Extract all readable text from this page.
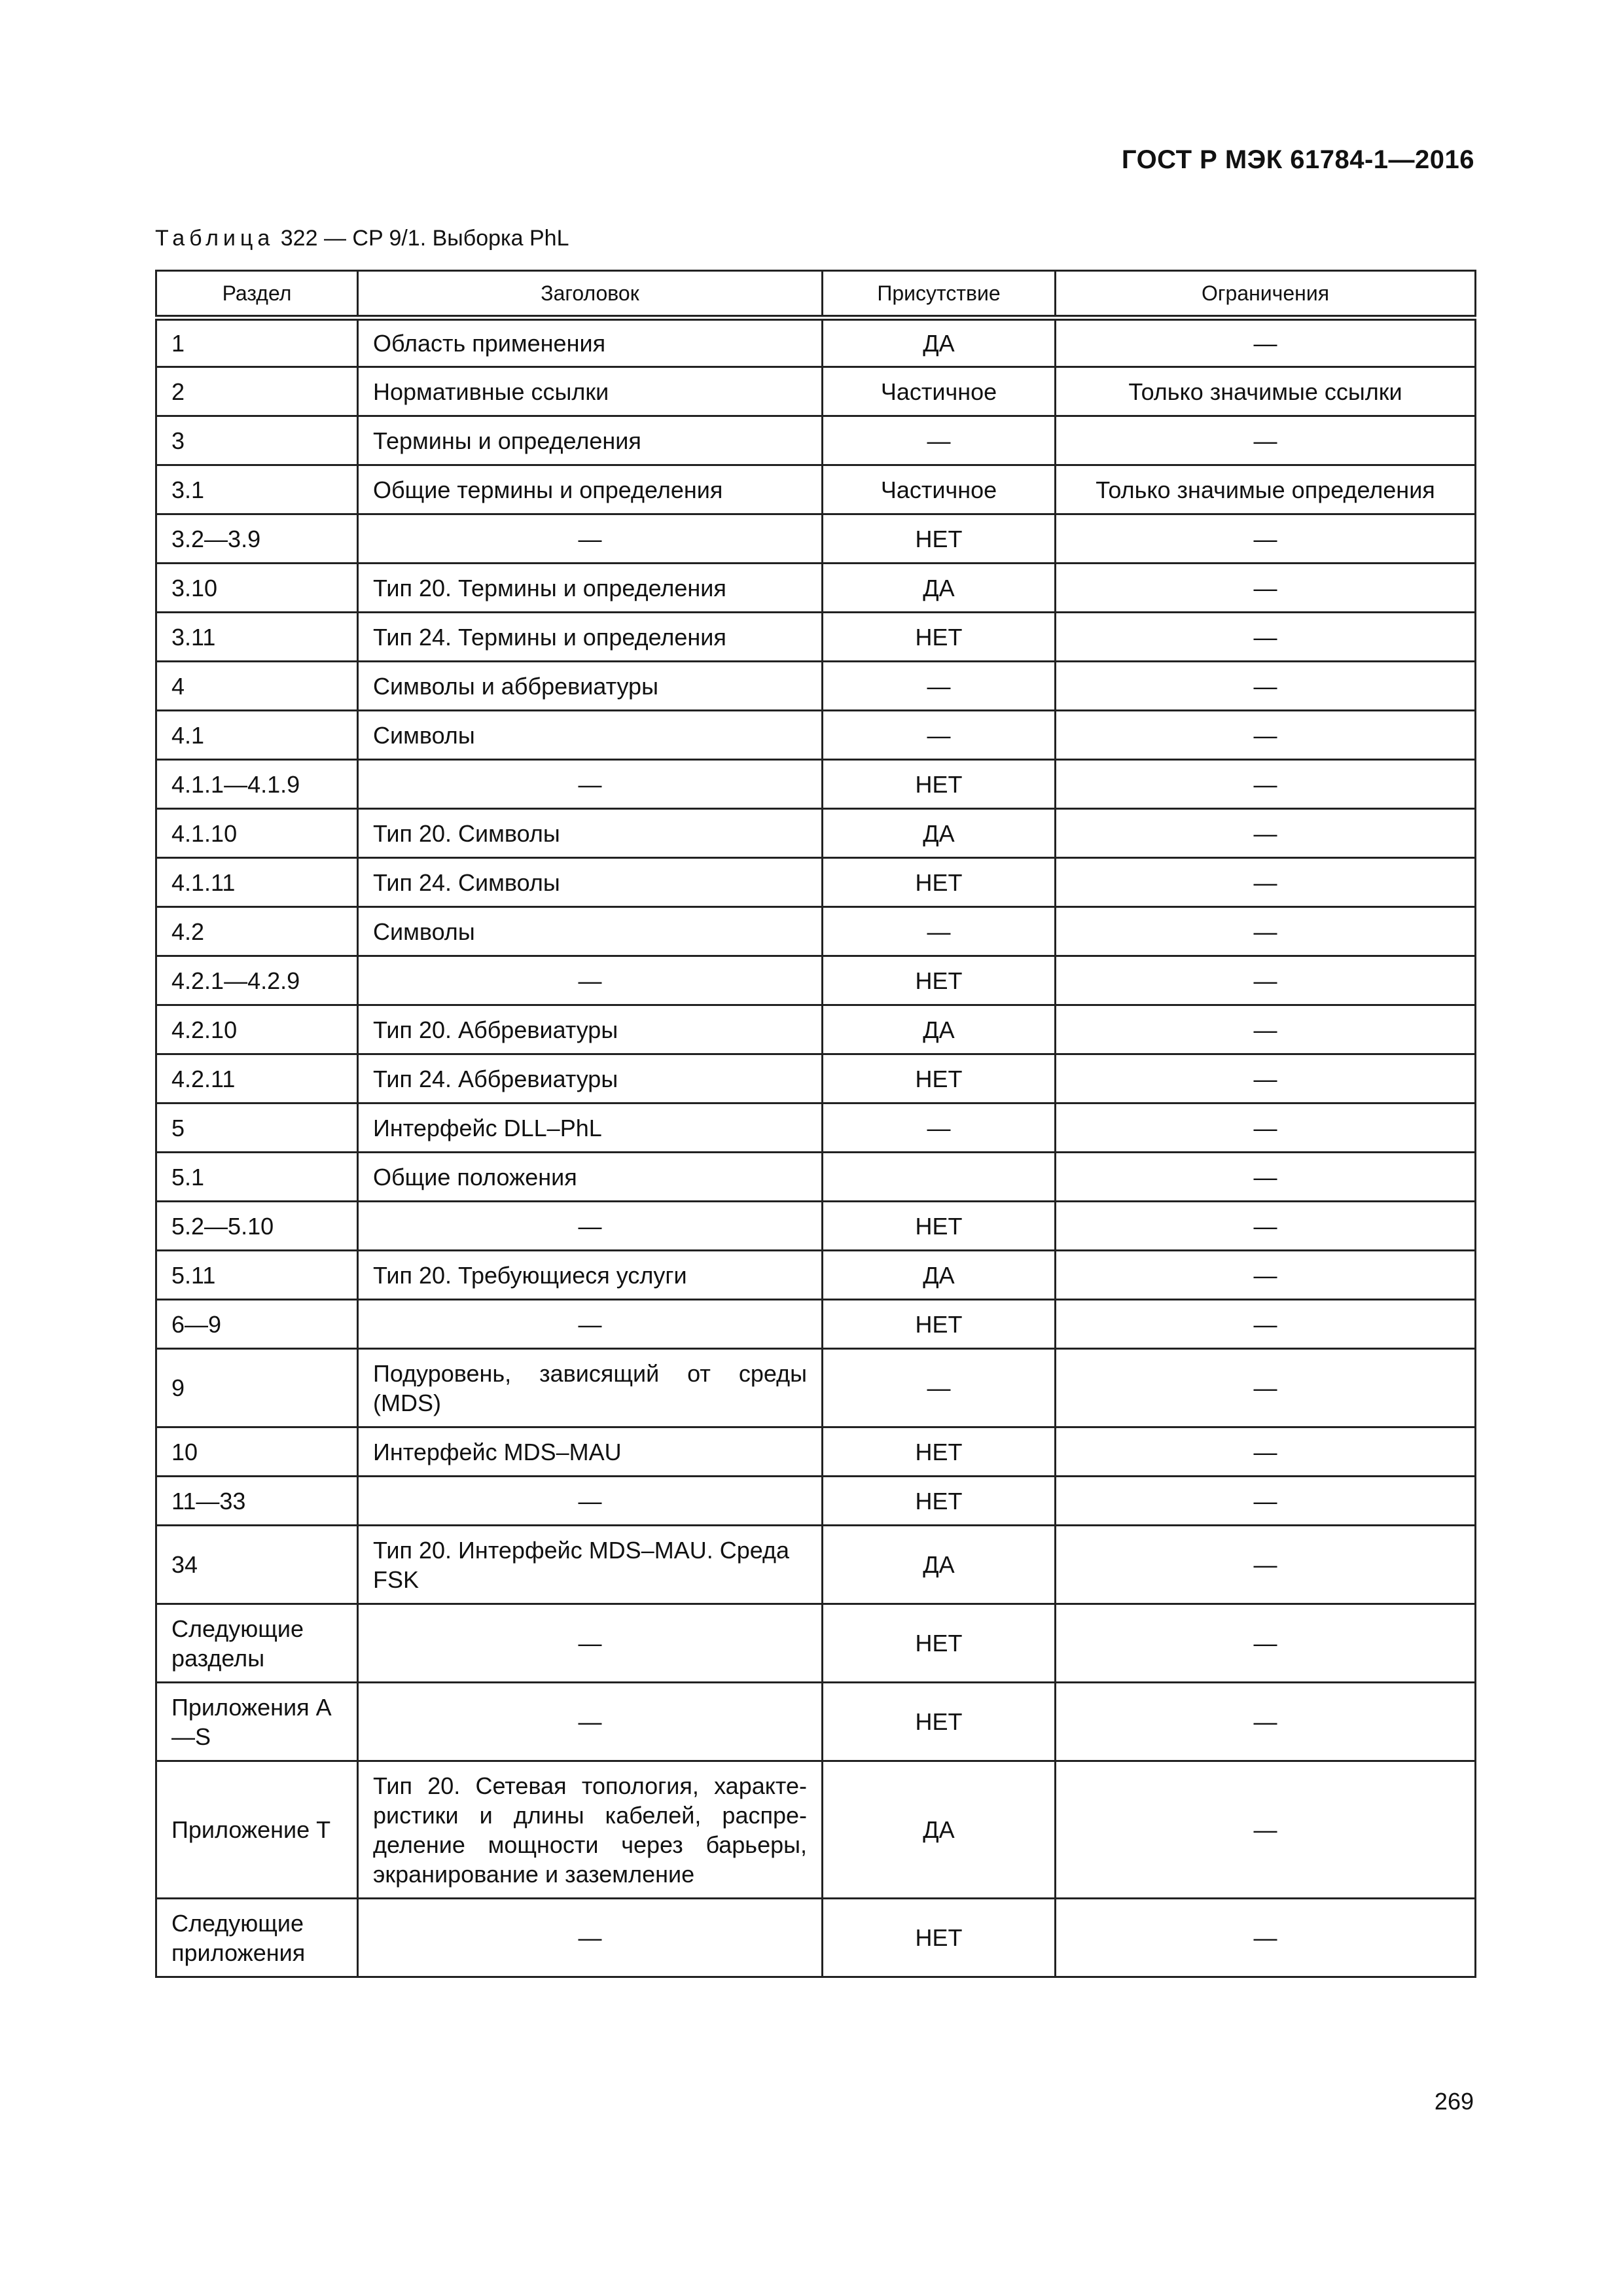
ГОСТ Р МЭК 61784-1—2016
Таблица 322 — CP 9/1. Выборка PhL
Раздел	Заголовок	Присутствие	Ограничения
1	Область применения	ДА	—
2	Нормативные ссылки	Частичное	Только значимые ссылки
3	Термины и определения	—	—
3.1	Общие термины и определения	Частичное	Только значимые определения
3.2—3.9	—	НЕТ	—
3.10	Тип 20. Термины и определения	ДА	—
3.11	Тип 24. Термины и определения	НЕТ	—
4	Символы и аббревиатуры	—	—
4.1	Символы	—	—
4.1.1—4.1.9	—	НЕТ	—
4.1.10	Тип 20. Символы	ДА	—
4.1.11	Тип 24. Символы	НЕТ	—
4.2	Символы	—	—
4.2.1—4.2.9	—	НЕТ	—
4.2.10	Тип 20. Аббревиатуры	ДА	—
4.2.11	Тип 24. Аббревиатуры	НЕТ	—
5	Интерфейс DLL–PhL	—	—
5.1	Общие положения		—
5.2—5.10	—	НЕТ	—
5.11	Тип 20. Требующиеся услуги	ДА	—
6—9	—	НЕТ	—
9	Подуровень, зависящий от среды (MDS)	—	—
10	Интерфейс MDS–MAU	НЕТ	—
11—33	—	НЕТ	—
34	Тип 20. Интерфейс MDS–MAU. Среда FSK	ДА	—
Следующие разделы	—	НЕТ	—
Приложения A—S	—	НЕТ	—
Приложение T	Тип 20. Сетевая топология, характеристики и длины кабелей, распределение мощности через барьеры, экранирование и заземление	ДА	—
Следующие приложения	—	НЕТ	—
269
